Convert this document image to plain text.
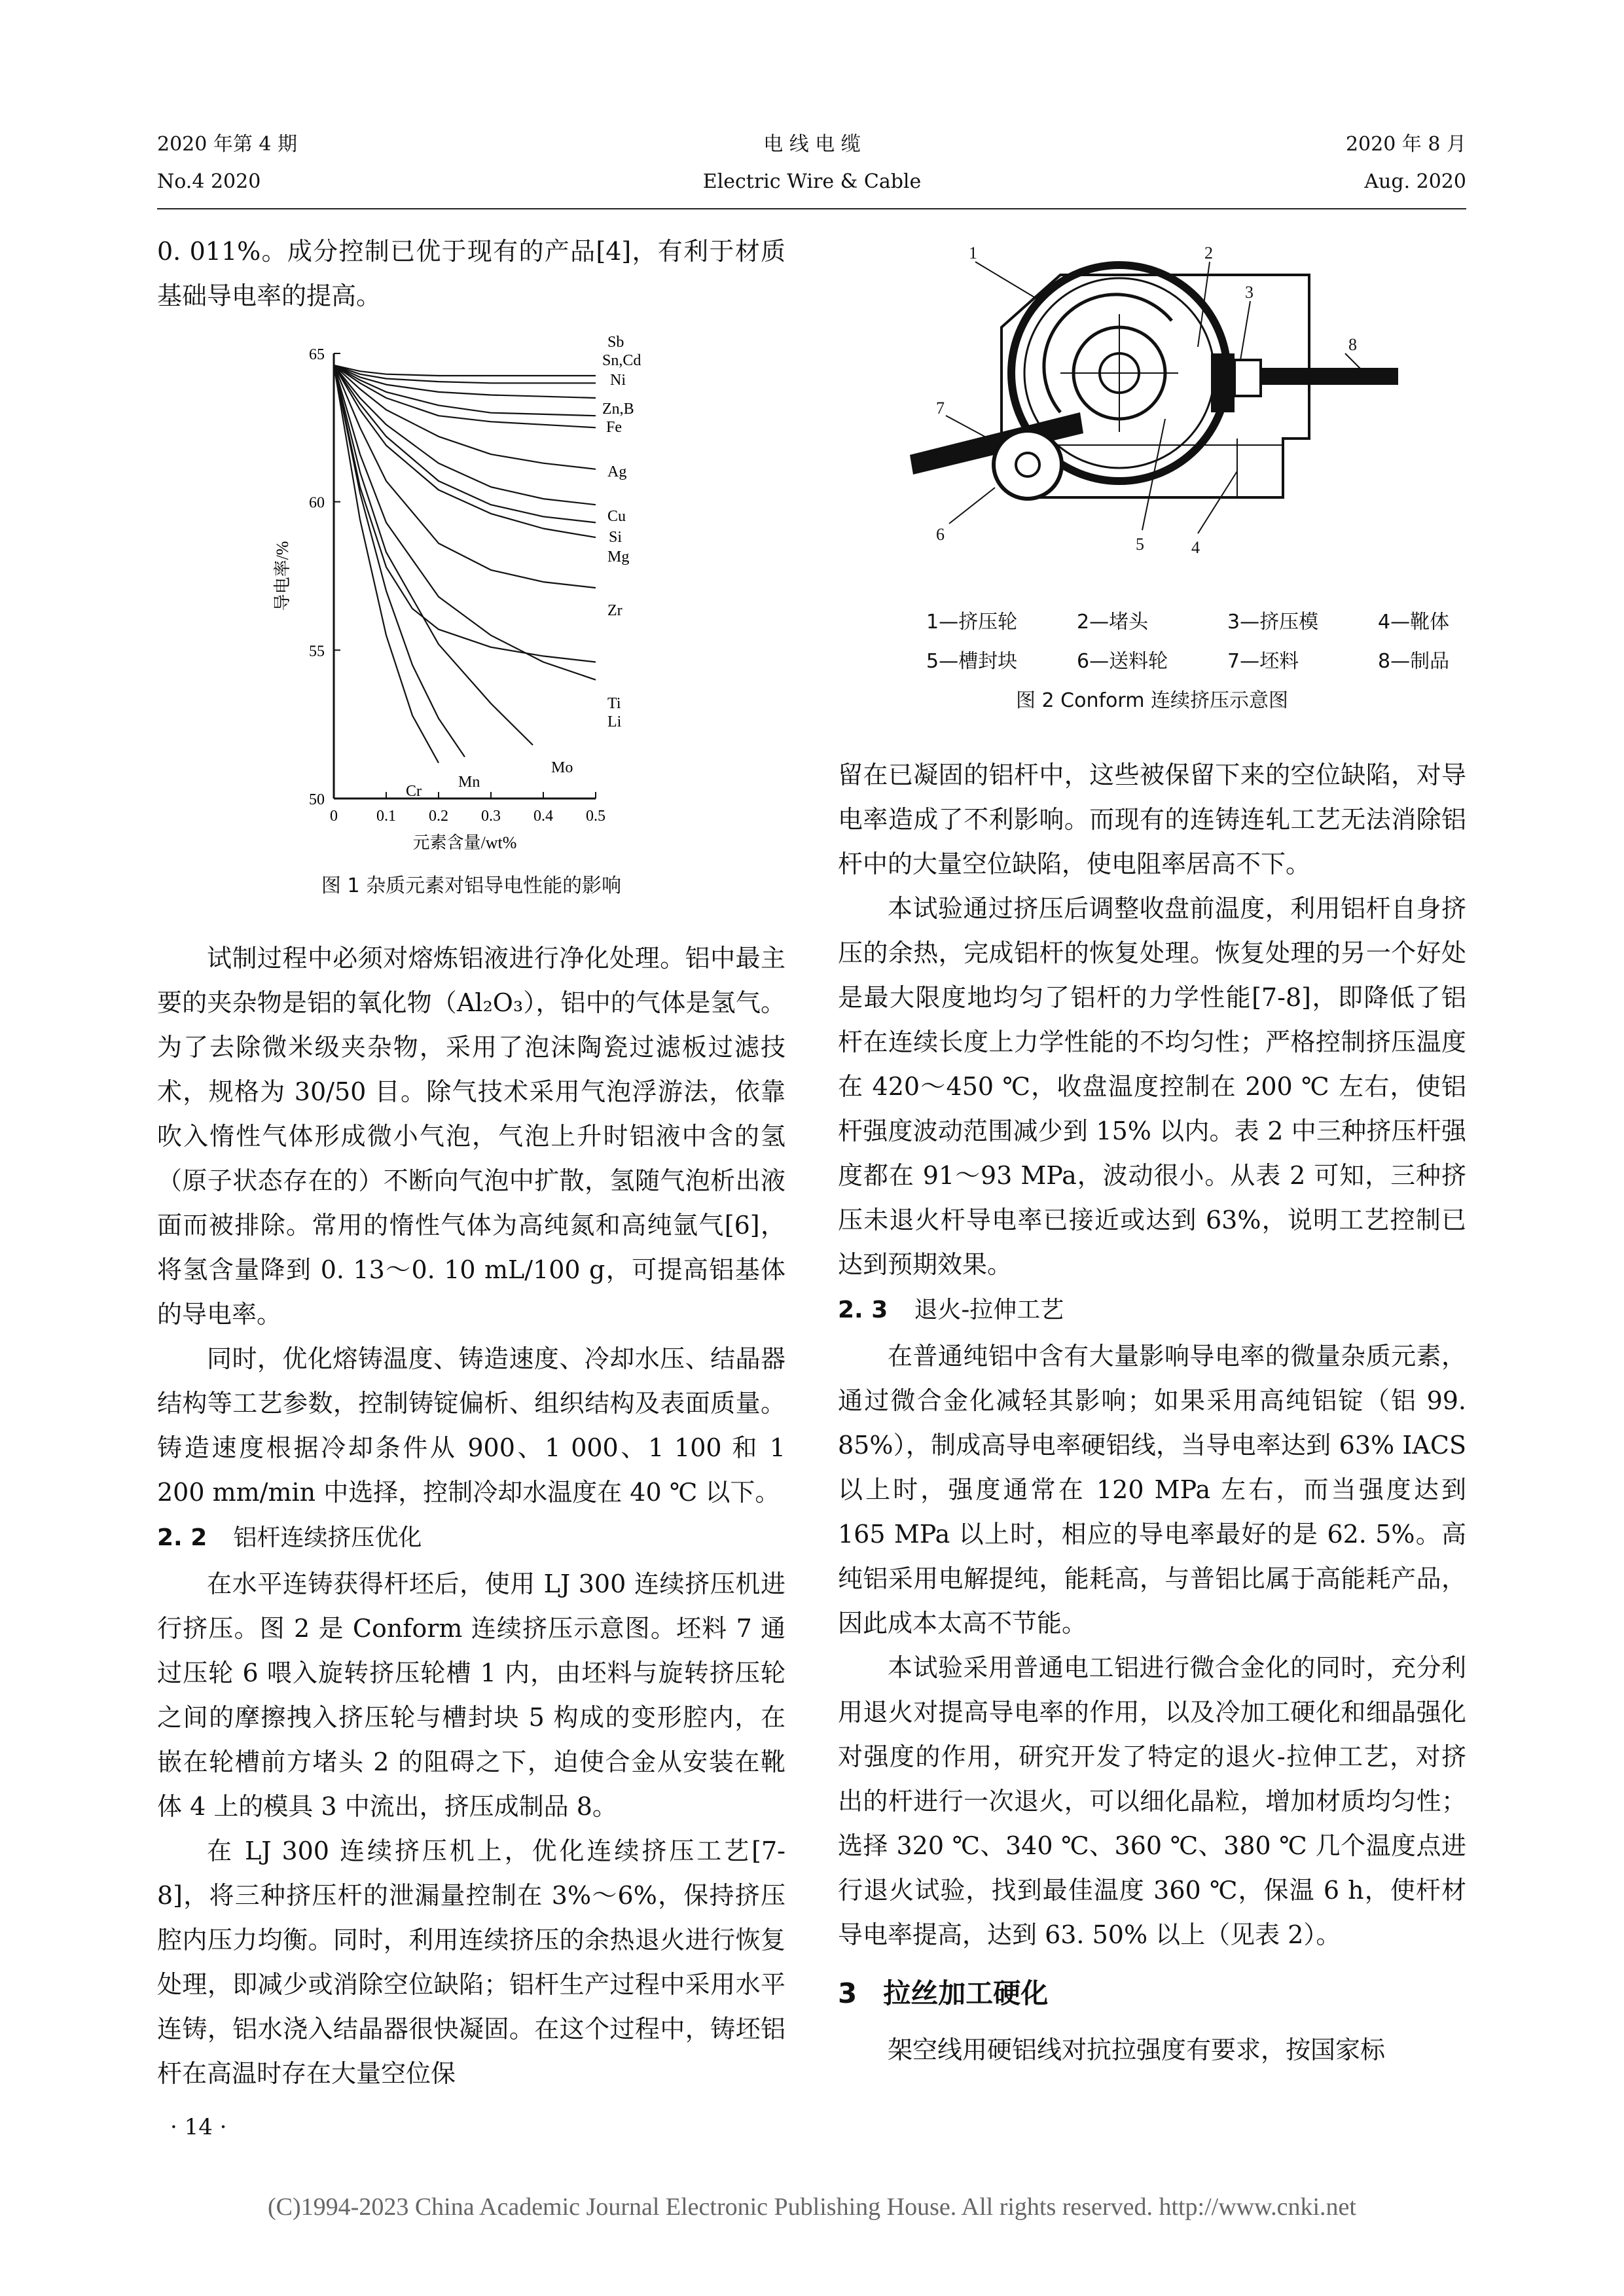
2020 年第 4 期
No.4 2020
电 线 电 缆
Electric Wire & Cable
2020 年 8 月
Aug. 2020

0. 011%。成分控制已优于现有的产品[4]，有利于材质基础导电率的提高。

0 0.1 0.2 0.3 0.4 0.5
50
55
60
65
元素含量/wt%
导电率/%
Sb
Sn,Cd
Ni
Zn,B
Fe
Ag
Cu
Si
Mg
Zr
Ti
Li
Mo
Mn
Cr
图 1 杂质元素对铝导电性能的影响

试制过程中必须对熔炼铝液进行净化处理。铝中最主要的夹杂物是铝的氧化物（Al₂O₃），铝中的气体是氢气。为了去除微米级夹杂物，采用了泡沫陶瓷过滤板过滤技术，规格为 30/50 目。除气技术采用气泡浮游法，依靠吹入惰性气体形成微小气泡，气泡上升时铝液中含的氢（原子状态存在的）不断向气泡中扩散，氢随气泡析出液面而被排除。常用的惰性气体为高纯氮和高纯氩气[6]，将氢含量降到 0. 13～0. 10 mL/100 g，可提高铝基体的导电率。

同时，优化熔铸温度、铸造速度、冷却水压、结晶器结构等工艺参数，控制铸锭偏析、组织结构及表面质量。铸造速度根据冷却条件从 900、1 000、1 100 和 1 200 mm/min 中选择，控制冷却水温度在 40 ℃ 以下。

2. 2 铝杆连续挤压优化

在水平连铸获得杆坯后，使用 LJ 300 连续挤压机进行挤压。图 2 是 Conform 连续挤压示意图。坯料 7 通过压轮 6 喂入旋转挤压轮槽 1 内，由坯料与旋转挤压轮之间的摩擦拽入挤压轮与槽封块 5 构成的变形腔内，在嵌在轮槽前方堵头 2 的阻碍之下，迫使合金从安装在靴体 4 上的模具 3 中流出，挤压成制品 8。

在 LJ 300 连续挤压机上，优化连续挤压工艺[7-8]，将三种挤压杆的泄漏量控制在 3%～6%，保持挤压腔内压力均衡。同时，利用连续挤压的余热退火进行恢复处理，即减少或消除空位缺陷；铝杆生产过程中采用水平连铸，铝水浇入结晶器很快凝固。在这个过程中，铸坯铝杆在高温时存在大量空位保

1	2
3
8
7
6
5	4
1—挤压轮	2—堵头	3—挤压模	4—靴体
5—槽封块	6—送料轮	7—坯料	8—制品
图 2 Conform 连续挤压示意图

留在已凝固的铝杆中，这些被保留下来的空位缺陷，对导电率造成了不利影响。而现有的连铸连轧工艺无法消除铝杆中的大量空位缺陷，使电阻率居高不下。

本试验通过挤压后调整收盘前温度，利用铝杆自身挤压的余热，完成铝杆的恢复处理。恢复处理的另一个好处是最大限度地均匀了铝杆的力学性能[7-8]，即降低了铝杆在连续长度上力学性能的不均匀性；严格控制挤压温度在 420～450 ℃，收盘温度控制在 200 ℃ 左右，使铝杆强度波动范围减少到 15% 以内。表 2 中三种挤压杆强度都在 91～93 MPa，波动很小。从表 2 可知，三种挤压未退火杆导电率已接近或达到 63%，说明工艺控制已达到预期效果。

2. 3 退火-拉伸工艺

在普通纯铝中含有大量影响导电率的微量杂质元素，通过微合金化减轻其影响；如果采用高纯铝锭（铝 99. 85%），制成高导电率硬铝线，当导电率达到 63% IACS 以上时，强度通常在 120 MPa 左右，而当强度达到 165 MPa 以上时，相应的导电率最好的是 62. 5%。高纯铝采用电解提纯，能耗高，与普铝比属于高能耗产品，因此成本太高不节能。

本试验采用普通电工铝进行微合金化的同时，充分利用退火对提高导电率的作用，以及冷加工硬化和细晶强化对强度的作用，研究开发了特定的退火-拉伸工艺，对挤出的杆进行一次退火，可以细化晶粒，增加材质均匀性；选择 320 ℃、340 ℃、360 ℃、380 ℃ 几个温度点进行退火试验，找到最佳温度 360 ℃，保温 6 h，使杆材导电率提高，达到 63. 50% 以上（见表 2）。

3 拉丝加工硬化

架空线用硬铝线对抗拉强度有要求，按国家标

· 14 ·
(C)1994-2023 China Academic Journal Electronic Publishing House. All rights reserved. http://www.cnki.net
